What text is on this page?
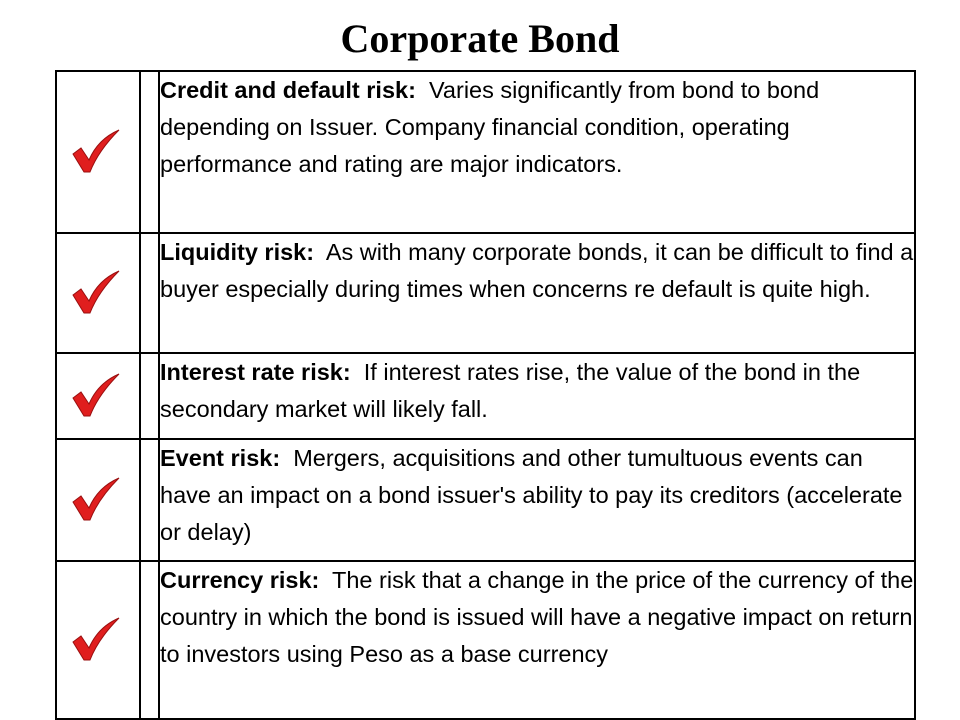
Corporate Bond
		Credit and default risk: Varies significantly from bond to bond depending on Issuer. Company financial condition, operating performance and rating are major indicators.

		Liquidity risk: As with many corporate bonds, it can be difficult to find a buyer especially during times when concerns re default is quite high.

		Interest rate risk: If interest rates rise, the value of the bond in the secondary market will likely fall.

		Event risk: Mergers, acquisitions and other tumultuous events can have an impact on a bond issuer's ability to pay its creditors (accelerate or delay)

		Currency risk: The risk that a change in the price of the currency of the country in which the bond is issued will have a negative impact on return to investors using Peso as a base currency
